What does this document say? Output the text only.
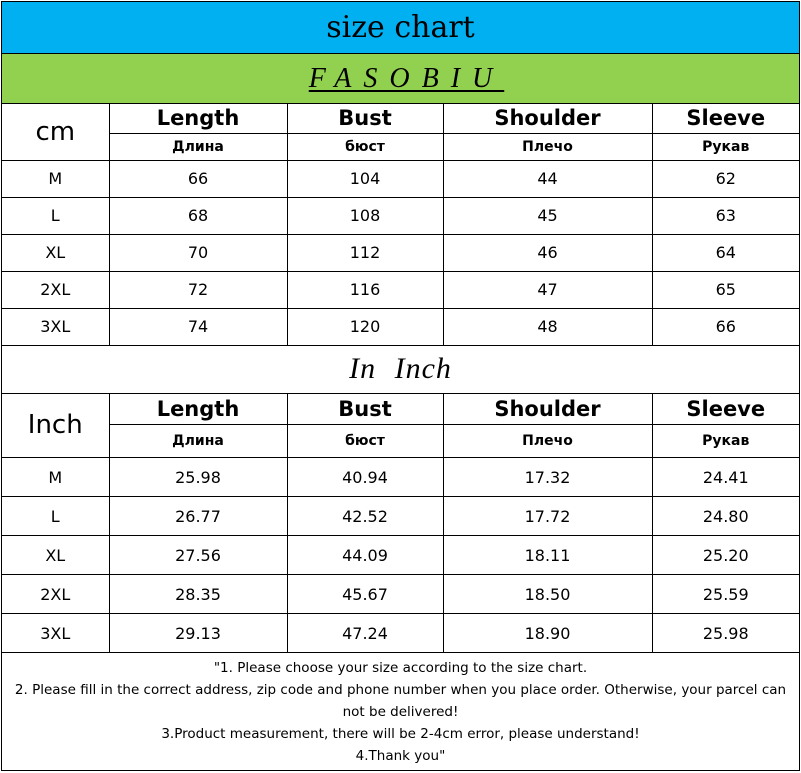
size chart
FASOBIU
cm	Length	Bust	Shoulder	Sleeve
	Длина	бюст	Плечо	Рукав
M	66	104	44	62
L	68	108	45	63
XL	70	112	46	64
2XL	72	116	47	65
3XL	74	120	48	66
In Inch
Inch	Length	Bust	Shoulder	Sleeve
	Длина	бюст	Плечо	Рукав
M	25.98	40.94	17.32	24.41
L	26.77	42.52	17.72	24.80
XL	27.56	44.09	18.11	25.20
2XL	28.35	45.67	18.50	25.59
3XL	29.13	47.24	18.90	25.98
"1. Please choose your size according to the size chart.
2. Please fill in the correct address, zip code and phone number when you place order. Otherwise, your parcel can not be delivered!
3.Product measurement, there will be 2-4cm error, please understand!
4.Thank you"
